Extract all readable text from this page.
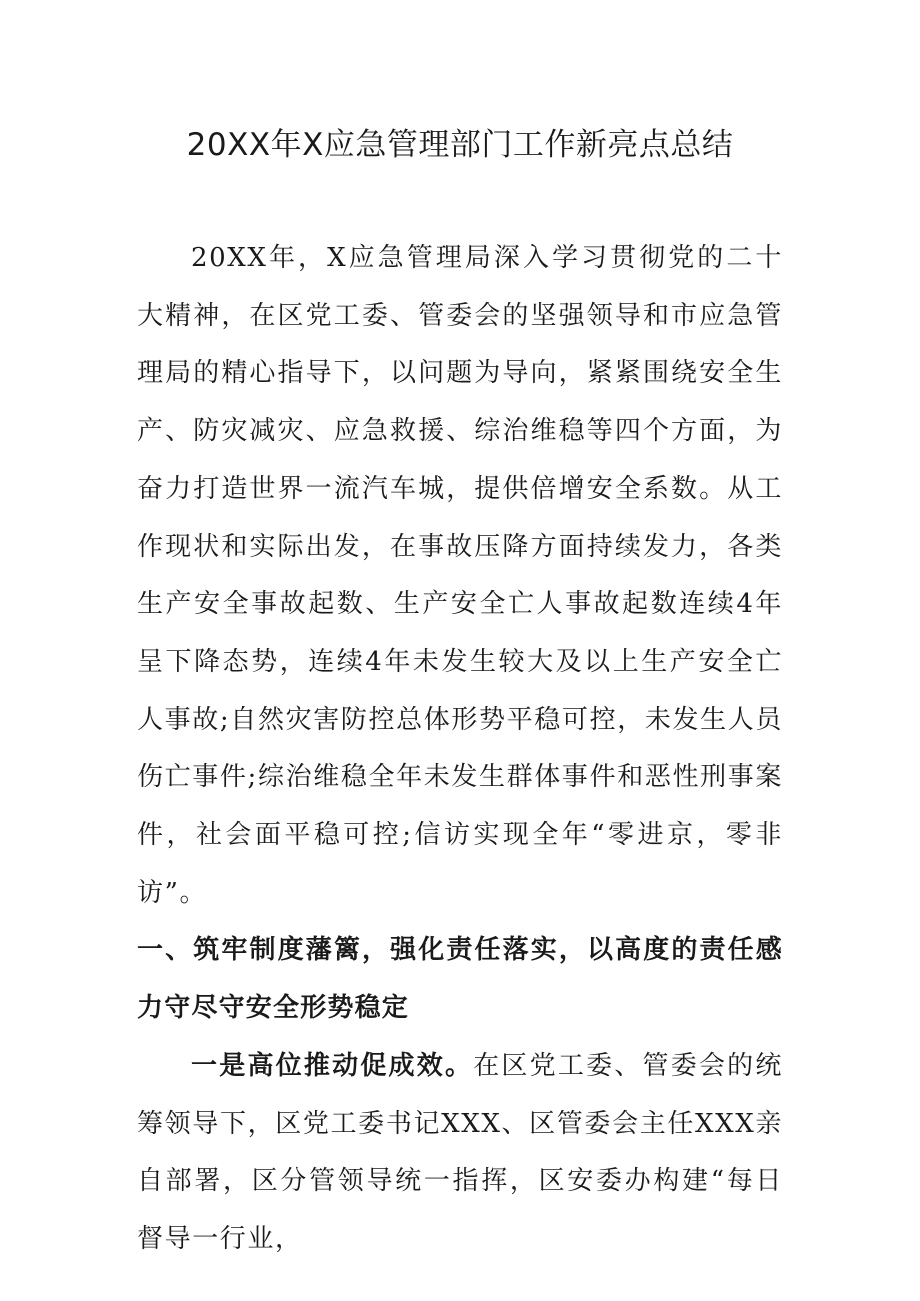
20XX年X应急管理部门工作新亮点总结

20XX年，X应急管理局深入学习贯彻党的二十大精神，在区党工委、管委会的坚强领导和市应急管理局的精心指导下，以问题为导向，紧紧围绕安全生产、防灾减灾、应急救援、综治维稳等四个方面，为奋力打造世界一流汽车城，提供倍增安全系数。从工作现状和实际出发，在事故压降方面持续发力，各类生产安全事故起数、生产安全亡人事故起数连续4年呈下降态势，连续4年未发生较大及以上生产安全亡人事故;自然灾害防控总体形势平稳可控，未发生人员伤亡事件;综治维稳全年未发生群体事件和恶性刑事案件，社会面平稳可控;信访实现全年“零进京，零非访”。

一、筑牢制度藩篱，强化责任落实，以高度的责任感力守尽守安全形势稳定

一是高位推动促成效。在区党工委、管委会的统筹领导下，区党工委书记XXX、区管委会主任XXX亲自部署，区分管领导统一指挥，区安委办构建“每日督导一行业，
